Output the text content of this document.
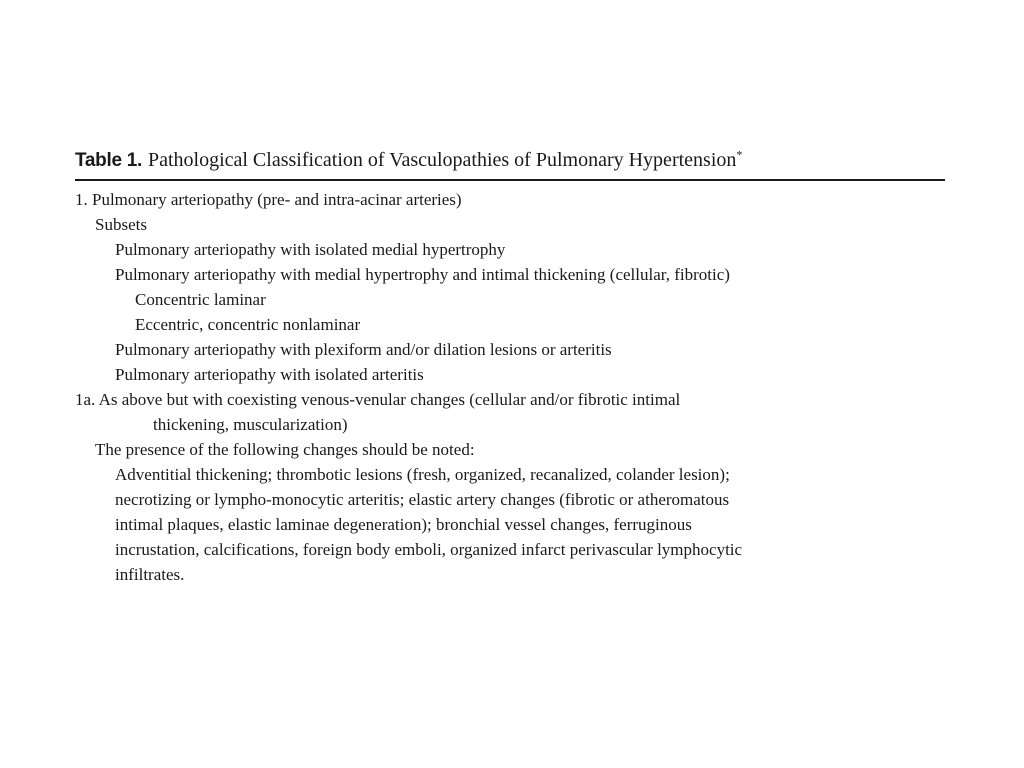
Table 1. Pathological Classification of Vasculopathies of Pulmonary Hypertension*
1. Pulmonary arteriopathy (pre- and intra-acinar arteries)
Subsets
Pulmonary arteriopathy with isolated medial hypertrophy
Pulmonary arteriopathy with medial hypertrophy and intimal thickening (cellular, fibrotic)
Concentric laminar
Eccentric, concentric nonlaminar
Pulmonary arteriopathy with plexiform and/or dilation lesions or arteritis
Pulmonary arteriopathy with isolated arteritis
1a. As above but with coexisting venous-venular changes (cellular and/or fibrotic intimal
thickening, muscularization)
The presence of the following changes should be noted:
Adventitial thickening; thrombotic lesions (fresh, organized, recanalized, colander lesion);
necrotizing or lympho-monocytic arteritis; elastic artery changes (fibrotic or atheromatous
intimal plaques, elastic laminae degeneration); bronchial vessel changes, ferruginous
incrustation, calcifications, foreign body emboli, organized infarct perivascular lymphocytic
infiltrates.
